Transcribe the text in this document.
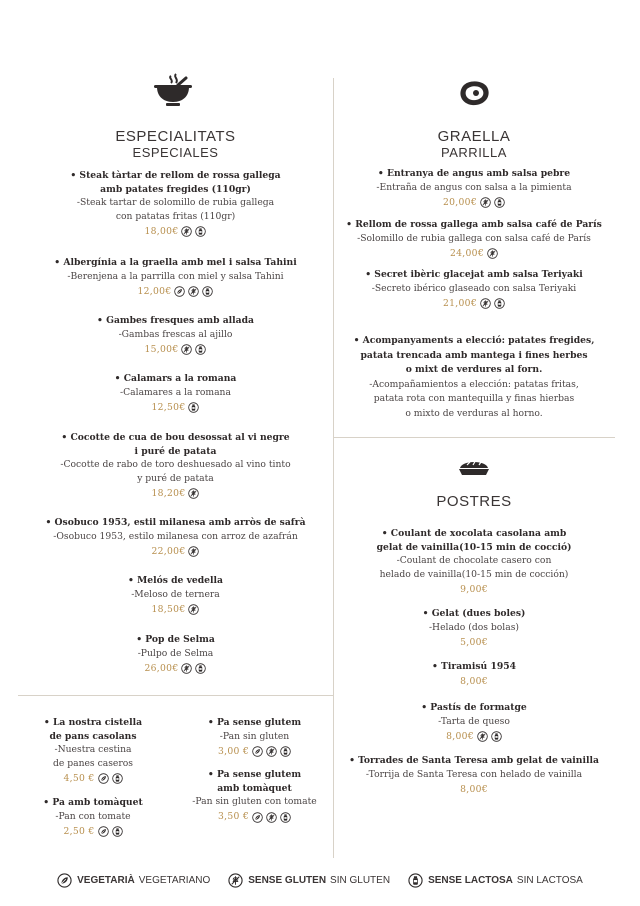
ESPECIALITATS
ESPECIALES
• Steak tàrtar de rellom de rossa gallega
amb patates fregides (110gr)
-Steak tartar de solomillo de rubia gallega
con patatas fritas (110gr)
18,00€
• Albergínia a la graella amb mel i salsa Tahini
-Berenjena a la parrilla con miel y salsa Tahini
12,00€
• Gambes fresques amb allada
-Gambas frescas al ajillo
15,00€
• Calamars a la romana
-Calamares a la romana
12,50€
• Cocotte de cua de bou desossat al vi negre
i puré de patata
-Cocotte de rabo de toro deshuesado al vino tinto
y puré de patata
18,20€
• Osobuco 1953, estil milanesa amb arròs de safrà
-Osobuco 1953, estilo milanesa con arroz de azafrán
22,00€
• Melós de vedella
-Meloso de ternera
18,50€
• Pop de Selma
-Pulpo de Selma
26,00€
• La nostra cistella
de pans casolans
-Nuestra cestina
de panes caseros
4,50 €
• Pa amb tomàquet
-Pan con tomate
2,50 €
• Pa sense glutem
-Pan sin gluten
3,00 €
• Pa sense glutem
amb tomàquet
-Pan sin gluten con tomate
3,50 €
GRAELLA
PARRILLA
• Entranya de angus amb salsa pebre
-Entraña de angus con salsa a la pimienta
20,00€
• Rellom de rossa gallega amb salsa café de París
-Solomillo de rubia gallega con salsa café de París
24,00€
• Secret ibèric glacejat amb salsa Teriyaki
-Secreto ibérico glaseado con salsa Teriyaki
21,00€
• Acompanyaments a elecció: patates fregides,
patata trencada amb mantega i fines herbes
o mixt de verdures al forn.
-Acompañamientos a elección: patatas fritas,
patata rota con mantequilla y finas hierbas
o mixto de verduras al horno.
POSTRES
• Coulant de xocolata casolana amb
gelat de vainilla(10-15 min de cocció)
-Coulant de chocolate casero con
helado de vainilla(10-15 min de cocción)
9,00€
• Gelat (dues boles)
-Helado (dos bolas)
5,00€
• Tiramisú 1954
8,00€
• Pastís de formatge
-Tarta de queso
8,00€
• Torrades de Santa Teresa amb gelat de vainilla
-Torrija de Santa Teresa con helado de vainilla
8,00€
VEGETARIÀ VEGETARIANO	SENSE GLUTEN SIN GLUTEN	SENSE LACTOSA SIN LACTOSA
